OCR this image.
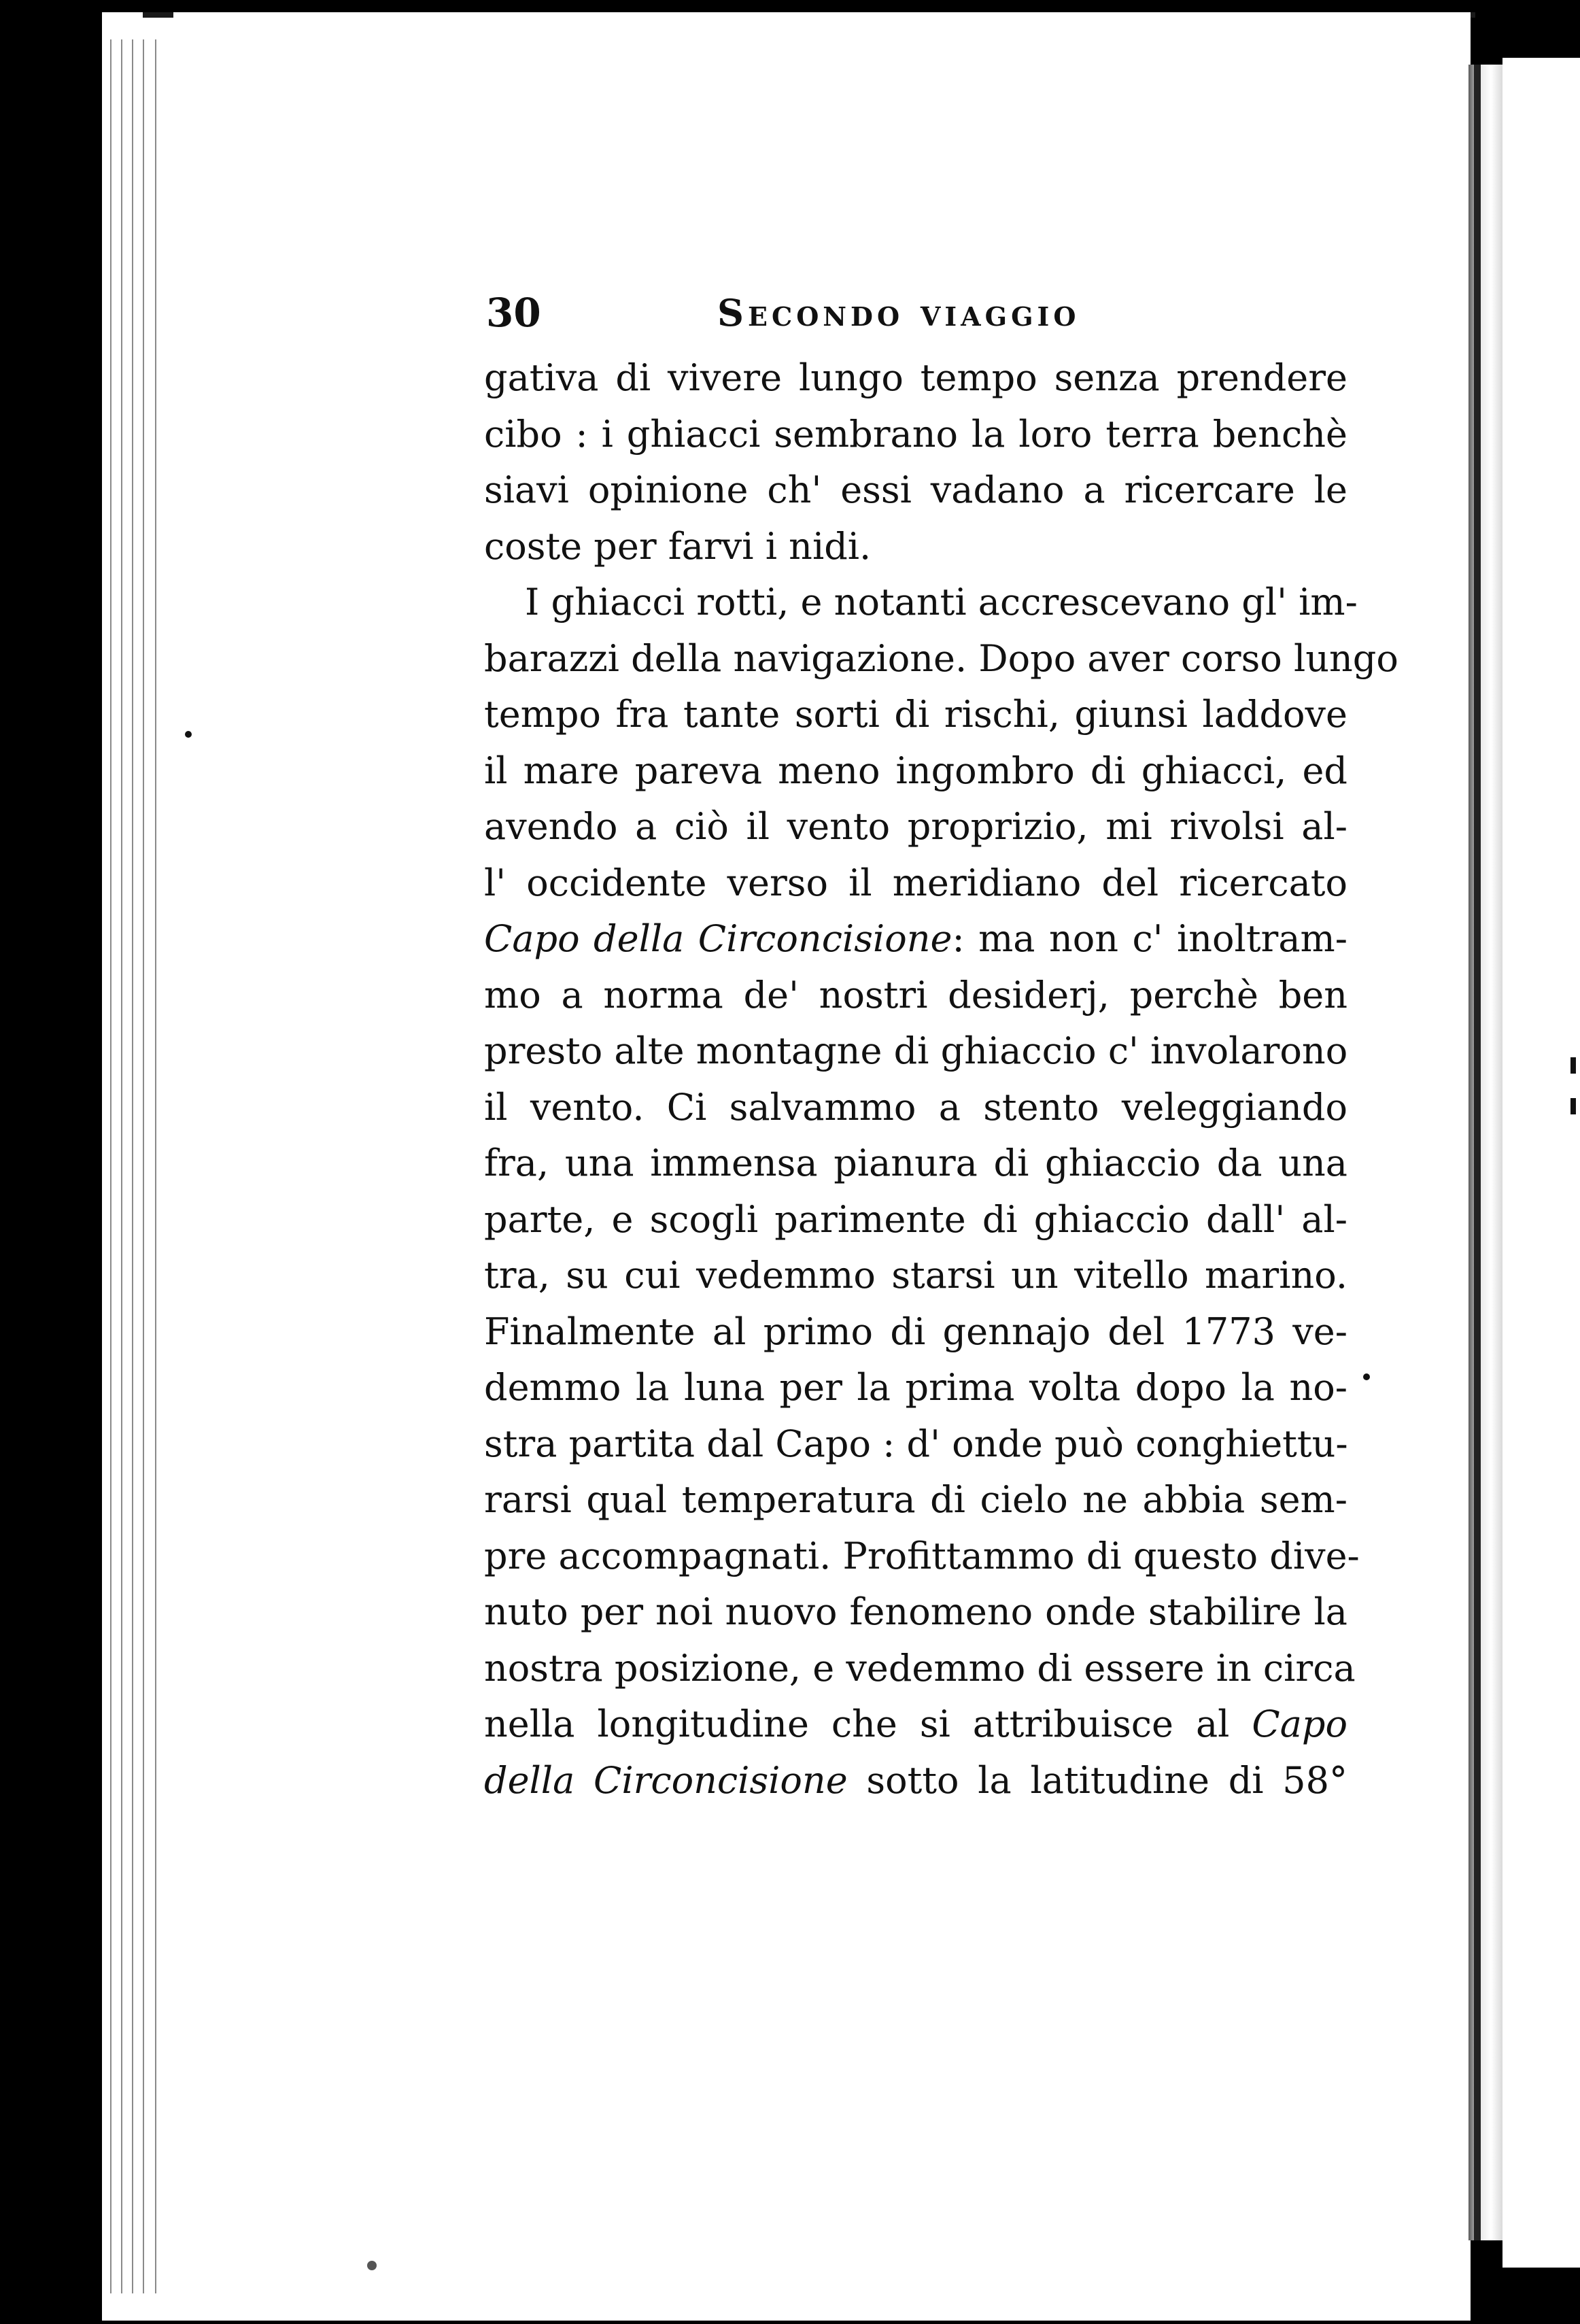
30	Secondo viaggio
gativa di vivere lungo tempo senza prendere
cibo : i ghiacci sembrano la loro terra benchè
siavi opinione ch' essi vadano a ricercare le
coste per farvi i nidi.
I ghiacci rotti, e notanti accrescevano gl' im-
barazzi della navigazione. Dopo aver corso lungo
tempo fra tante sorti di rischi, giunsi laddove
il mare pareva meno ingombro di ghiacci, ed
avendo a ciò il vento proprizio, mi rivolsi al-
l' occidente verso il meridiano del ricercato
Capo della Circoncisione: ma non c' inoltram-
mo a norma de' nostri desiderj, perchè ben
presto alte montagne di ghiaccio c' involarono
il vento. Ci salvammo a stento veleggiando
fra, una immensa pianura di ghiaccio da una
parte, e scogli parimente di ghiaccio dall' al-
tra, su cui vedemmo starsi un vitello marino.
Finalmente al primo di gennajo del 1773 ve-
demmo la luna per la prima volta dopo la no-
stra partita dal Capo : d' onde può conghiettu-
rarsi qual temperatura di cielo ne abbia sem-
pre accompagnati. Profittammo di questo dive-
nuto per noi nuovo fenomeno onde stabilire la
nostra posizione, e vedemmo di essere in circa
nella longitudine che si attribuisce al Capo
della Circoncisione sotto la latitudine di 58°
